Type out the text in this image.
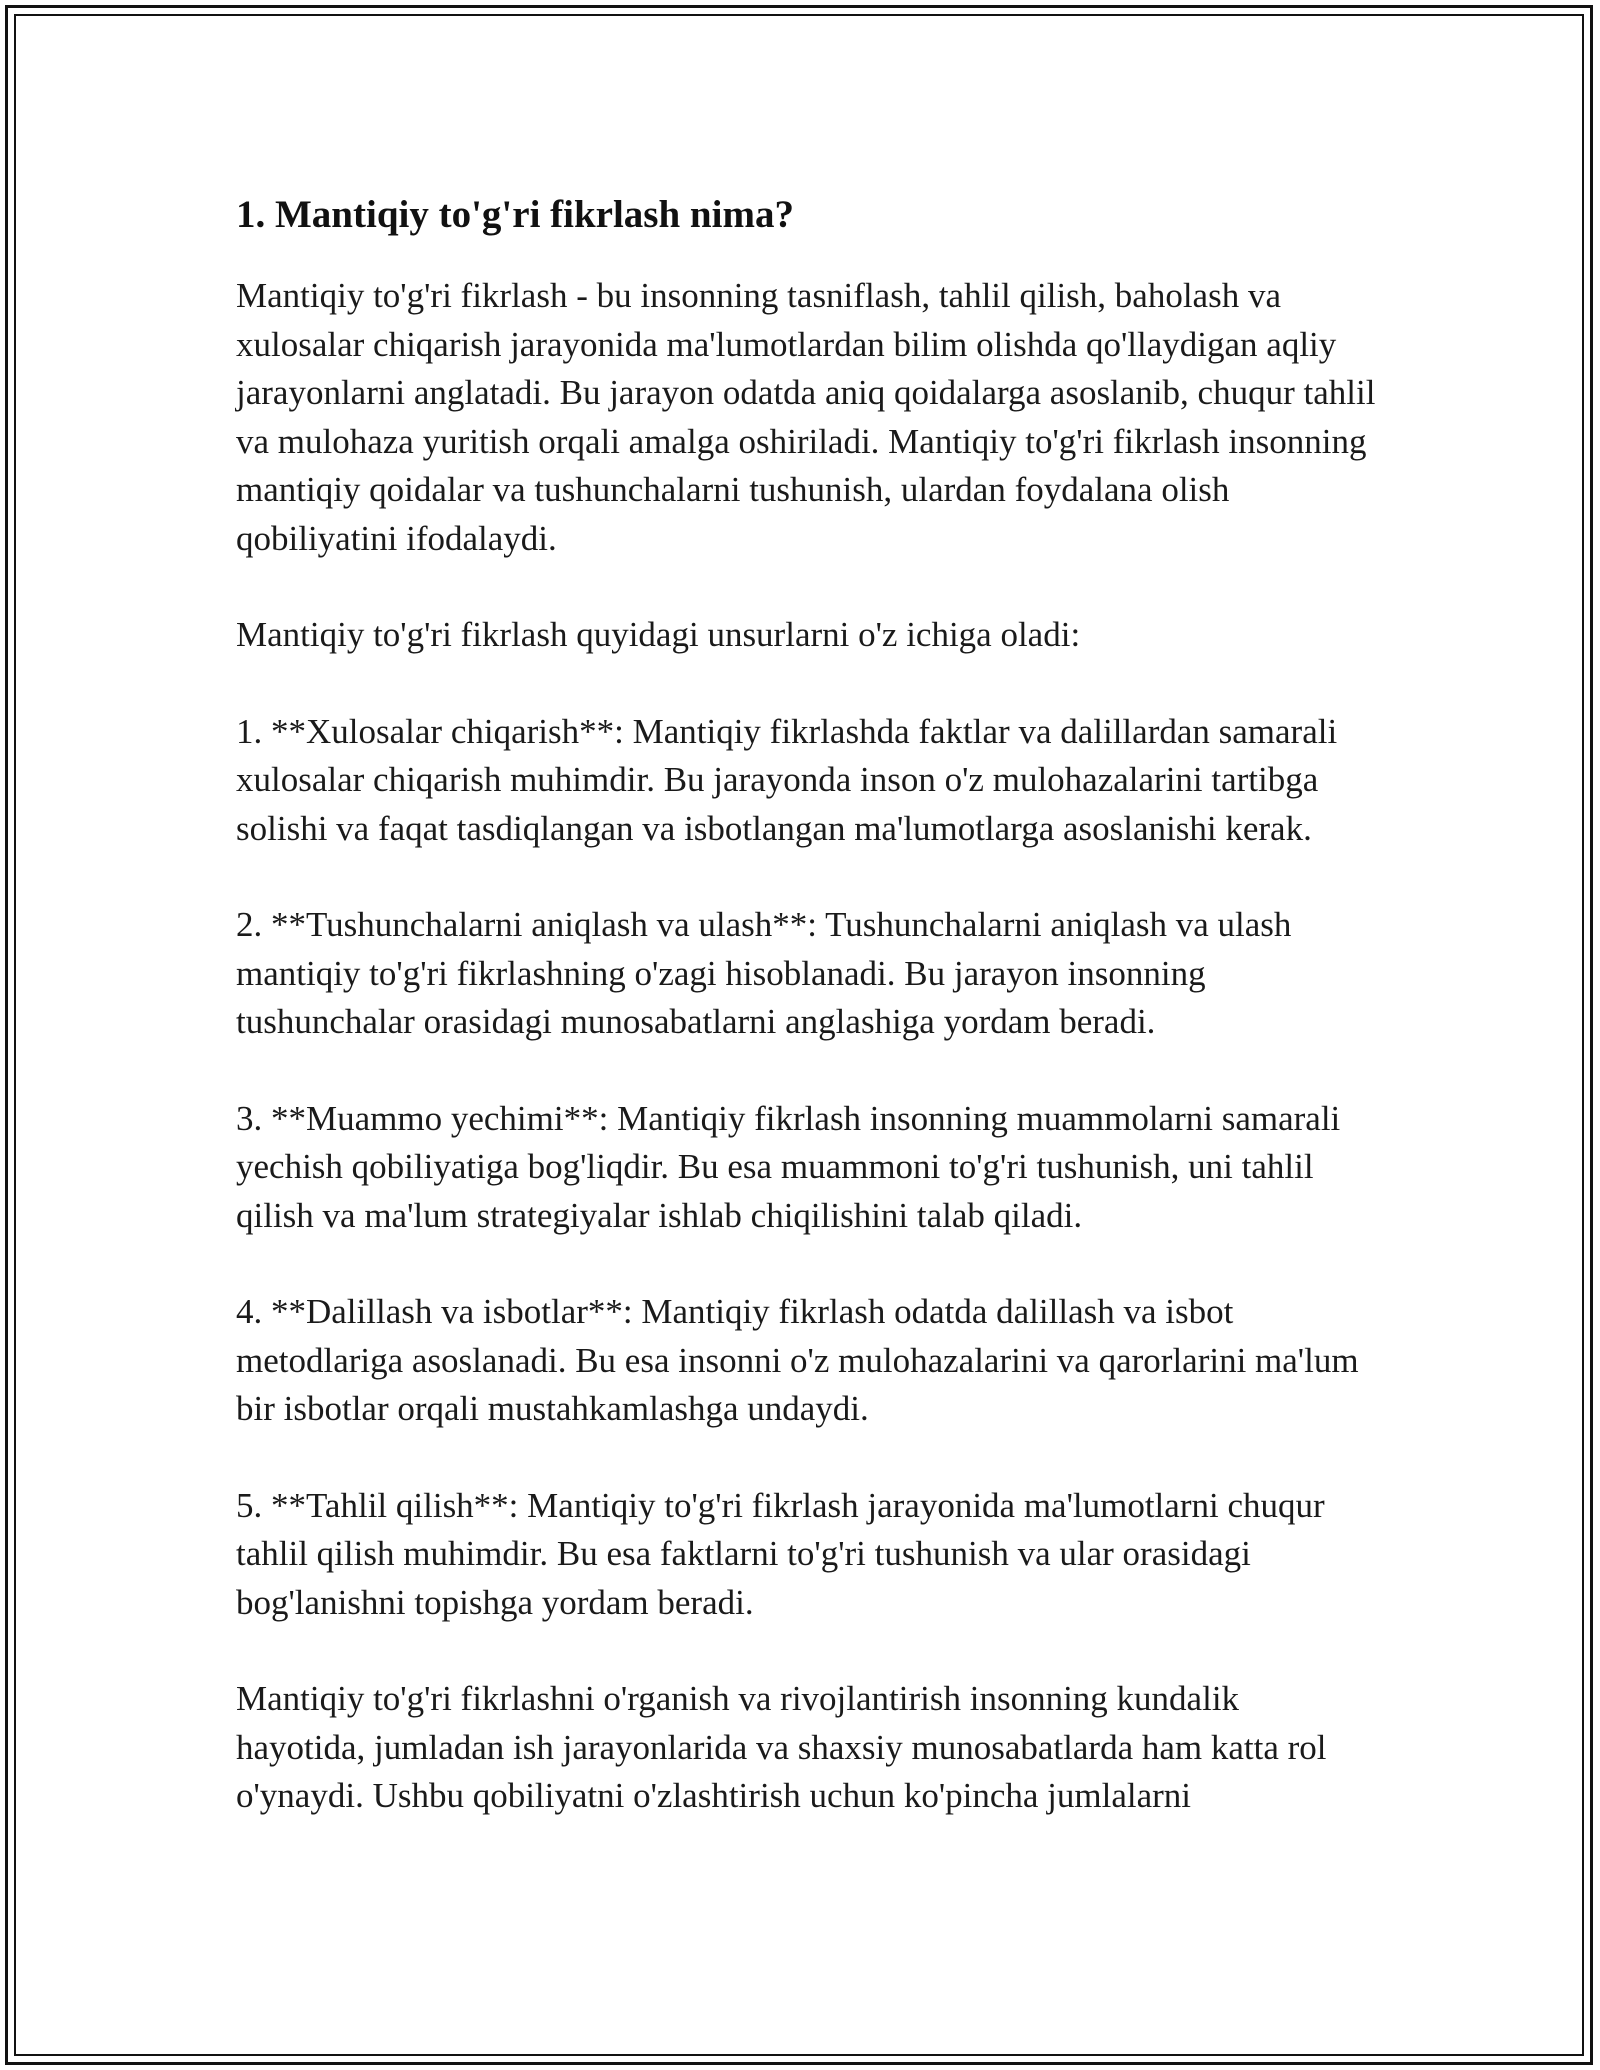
1. Mantiqiy to'g'ri fikrlash nima?

Mantiqiy to'g'ri fikrlash - bu insonning tasniflash, tahlil qilish, baholash va xulosalar chiqarish jarayonida ma'lumotlardan bilim olishda qo'llaydigan aqliy jarayonlarni anglatadi. Bu jarayon odatda aniq qoidalarga asoslanib, chuqur tahlil va mulohaza yuritish orqali amalga oshiriladi. Mantiqiy to'g'ri fikrlash insonning mantiqiy qoidalar va tushunchalarni tushunish, ulardan foydalana olish qobiliyatini ifodalaydi.

Mantiqiy to'g'ri fikrlash quyidagi unsurlarni o'z ichiga oladi:

1. **Xulosalar chiqarish**: Mantiqiy fikrlashda faktlar va dalillardan samarali xulosalar chiqarish muhimdir. Bu jarayonda inson o'z mulohazalarini tartibga solishi va faqat tasdiqlangan va isbotlangan ma'lumotlarga asoslanishi kerak.

2. **Tushunchalarni aniqlash va ulash**: Tushunchalarni aniqlash va ulash mantiqiy to'g'ri fikrlashning o'zagi hisoblanadi. Bu jarayon insonning tushunchalar orasidagi munosabatlarni anglashiga yordam beradi.

3. **Muammo yechimi**: Mantiqiy fikrlash insonning muammolarni samarali yechish qobiliyatiga bog'liqdir. Bu esa muammoni to'g'ri tushunish, uni tahlil qilish va ma'lum strategiyalar ishlab chiqilishini talab qiladi.

4. **Dalillash va isbotlar**: Mantiqiy fikrlash odatda dalillash va isbot metodlariga asoslanadi. Bu esa insonni o'z mulohazalarini va qarorlarini ma'lum bir isbotlar orqali mustahkamlashga undaydi.

5. **Tahlil qilish**: Mantiqiy to'g'ri fikrlash jarayonida ma'lumotlarni chuqur tahlil qilish muhimdir. Bu esa faktlarni to'g'ri tushunish va ular orasidagi bog'lanishni topishga yordam beradi.

Mantiqiy to'g'ri fikrlashni o'rganish va rivojlantirish insonning kundalik hayotida, jumladan ish jarayonlarida va shaxsiy munosabatlarda ham katta rol o'ynaydi. Ushbu qobiliyatni o'zlashtirish uchun ko'pincha jumlalarni
